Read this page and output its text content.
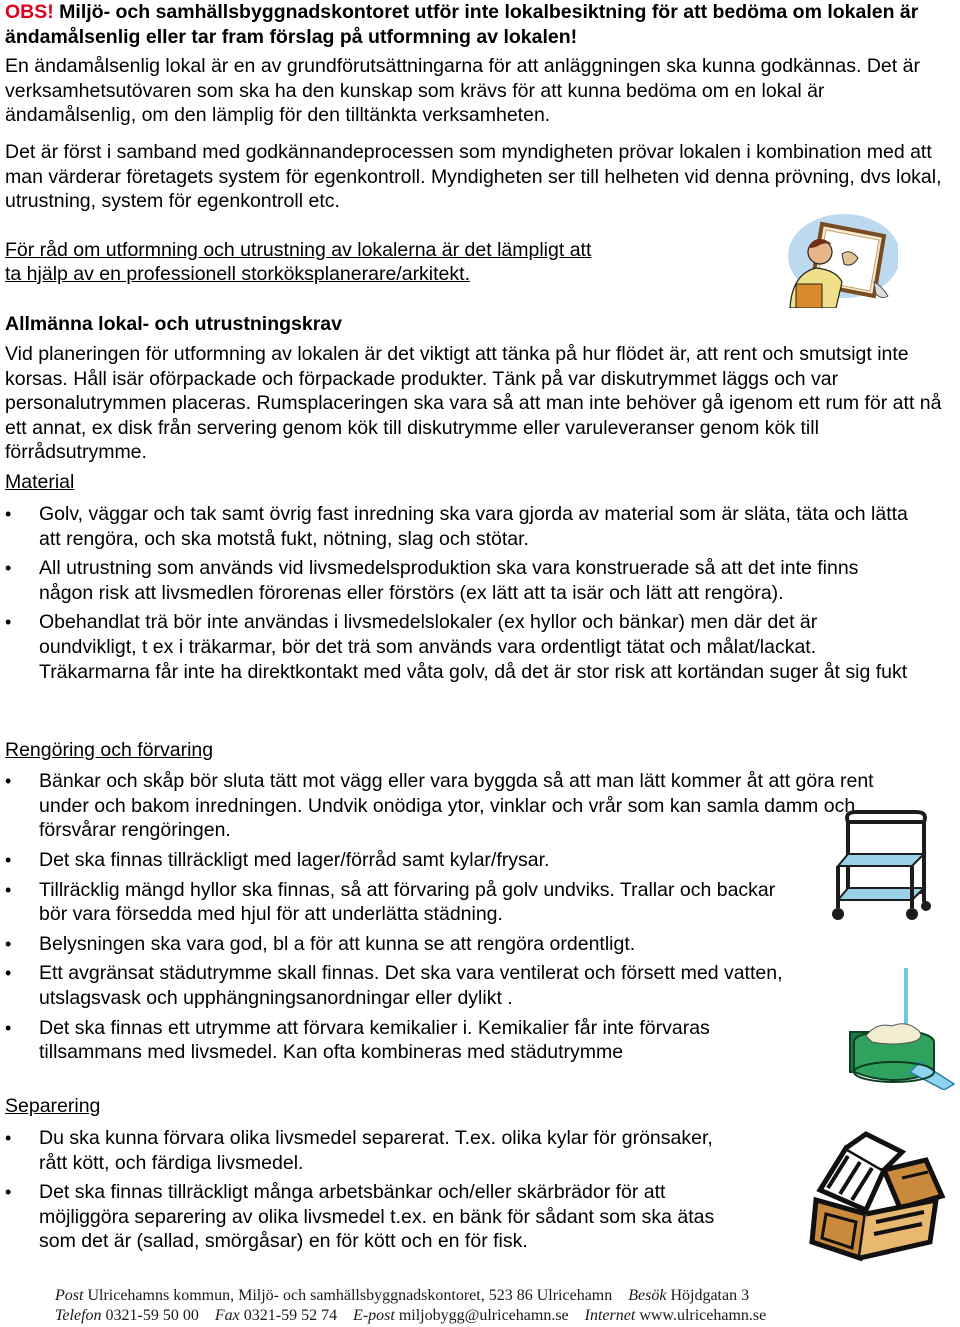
OBS! Miljö- och samhällsbyggnadskontoret utför inte lokalbesiktning för att bedöma om lokalen är ändamålsenlig eller tar fram förslag på utformning av lokalen!

En ändamålsenlig lokal är en av grundförutsättningarna för att anläggningen ska kunna godkännas. Det är verksamhetsutövaren som ska ha den kunskap som krävs för att kunna bedöma om en lokal är ändamålsenlig, om den lämplig för den tilltänkta verksamheten.

Det är först i samband med godkännandeprocessen som myndigheten prövar lokalen i kombination med att man värderar företagets system för egenkontroll. Myndigheten ser till helheten vid denna prövning, dvs lokal, utrustning, system för egenkontroll etc.

För råd om utformning och utrustning av lokalerna är det lämpligt att

ta hjälp av en professionell storköksplanerare/arkitekt.

Allmänna lokal- och utrustningskrav

Vid planeringen för utformning av lokalen är det viktigt att tänka på hur flödet är, att rent och smutsigt inte korsas. Håll isär oförpackade och förpackade produkter. Tänk på var diskutrymmet läggs och var personalutrymmen placeras. Rumsplaceringen ska vara så att man inte behöver gå igenom ett rum för att nå ett annat, ex disk från servering genom kök till diskutrymme eller varuleveranser genom kök till förrådsutrymme.

Material

•	Golv, väggar och tak samt övrig fast inredning ska vara gjorda av material som är släta, täta och lätta att rengöra, och ska motstå fukt, nötning, slag och stötar.
•	All utrustning som används vid livsmedelsproduktion ska vara konstruerade så att det inte finns någon risk att livsmedlen förorenas eller förstörs (ex lätt att ta isär och lätt att rengöra).
•	Obehandlat trä bör inte användas i livsmedelslokaler (ex hyllor och bänkar) men där det är oundvikligt, t ex i träkarmar, bör det trä som används vara ordentligt tätat och målat/lackat. Träkarmarna får inte ha direktkontakt med våta golv, då det är stor risk att kortändan suger åt sig fukt

Rengöring och förvaring

•	Bänkar och skåp bör sluta tätt mot vägg eller vara byggda så att man lätt kommer åt att göra rent under och bakom inredningen. Undvik onödiga ytor, vinklar och vrår som kan samla damm och försvårar rengöringen.
•	Det ska finnas tillräckligt med lager/förråd samt kylar/frysar.
•	Tillräcklig mängd hyllor ska finnas, så att förvaring på golv undviks. Trallar och backar bör vara försedda med hjul för att underlätta städning.
•	Belysningen ska vara god, bl a för att kunna se att rengöra ordentligt.
•	Ett avgränsat städutrymme skall finnas. Det ska vara ventilerat och försett med vatten, utslagsvask och upphängningsanordningar eller dylikt .
•	Det ska finnas ett utrymme att förvara kemikalier i. Kemikalier får inte förvaras tillsammans med livsmedel. Kan ofta kombineras med städutrymme

Separering

•	Du ska kunna förvara olika livsmedel separerat. T.ex. olika kylar för grönsaker, rått kött, och färdiga livsmedel.
•	Det ska finnas tillräckligt många arbetsbänkar och/eller skärbrädor för att möjliggöra separering av olika livsmedel t.ex. en bänk för sådant som ska ätas som det är (sallad, smörgåsar) en för kött och en för fisk.
Post Ulricehamns kommun, Miljö- och samhällsbyggnadskontoret, 523 86 Ulricehamn Besök Höjdgatan 3
Telefon 0321-59 50 00 Fax 0321-59 52 74 E-post miljobygg@ulricehamn.se Internet www.ulricehamn.se
